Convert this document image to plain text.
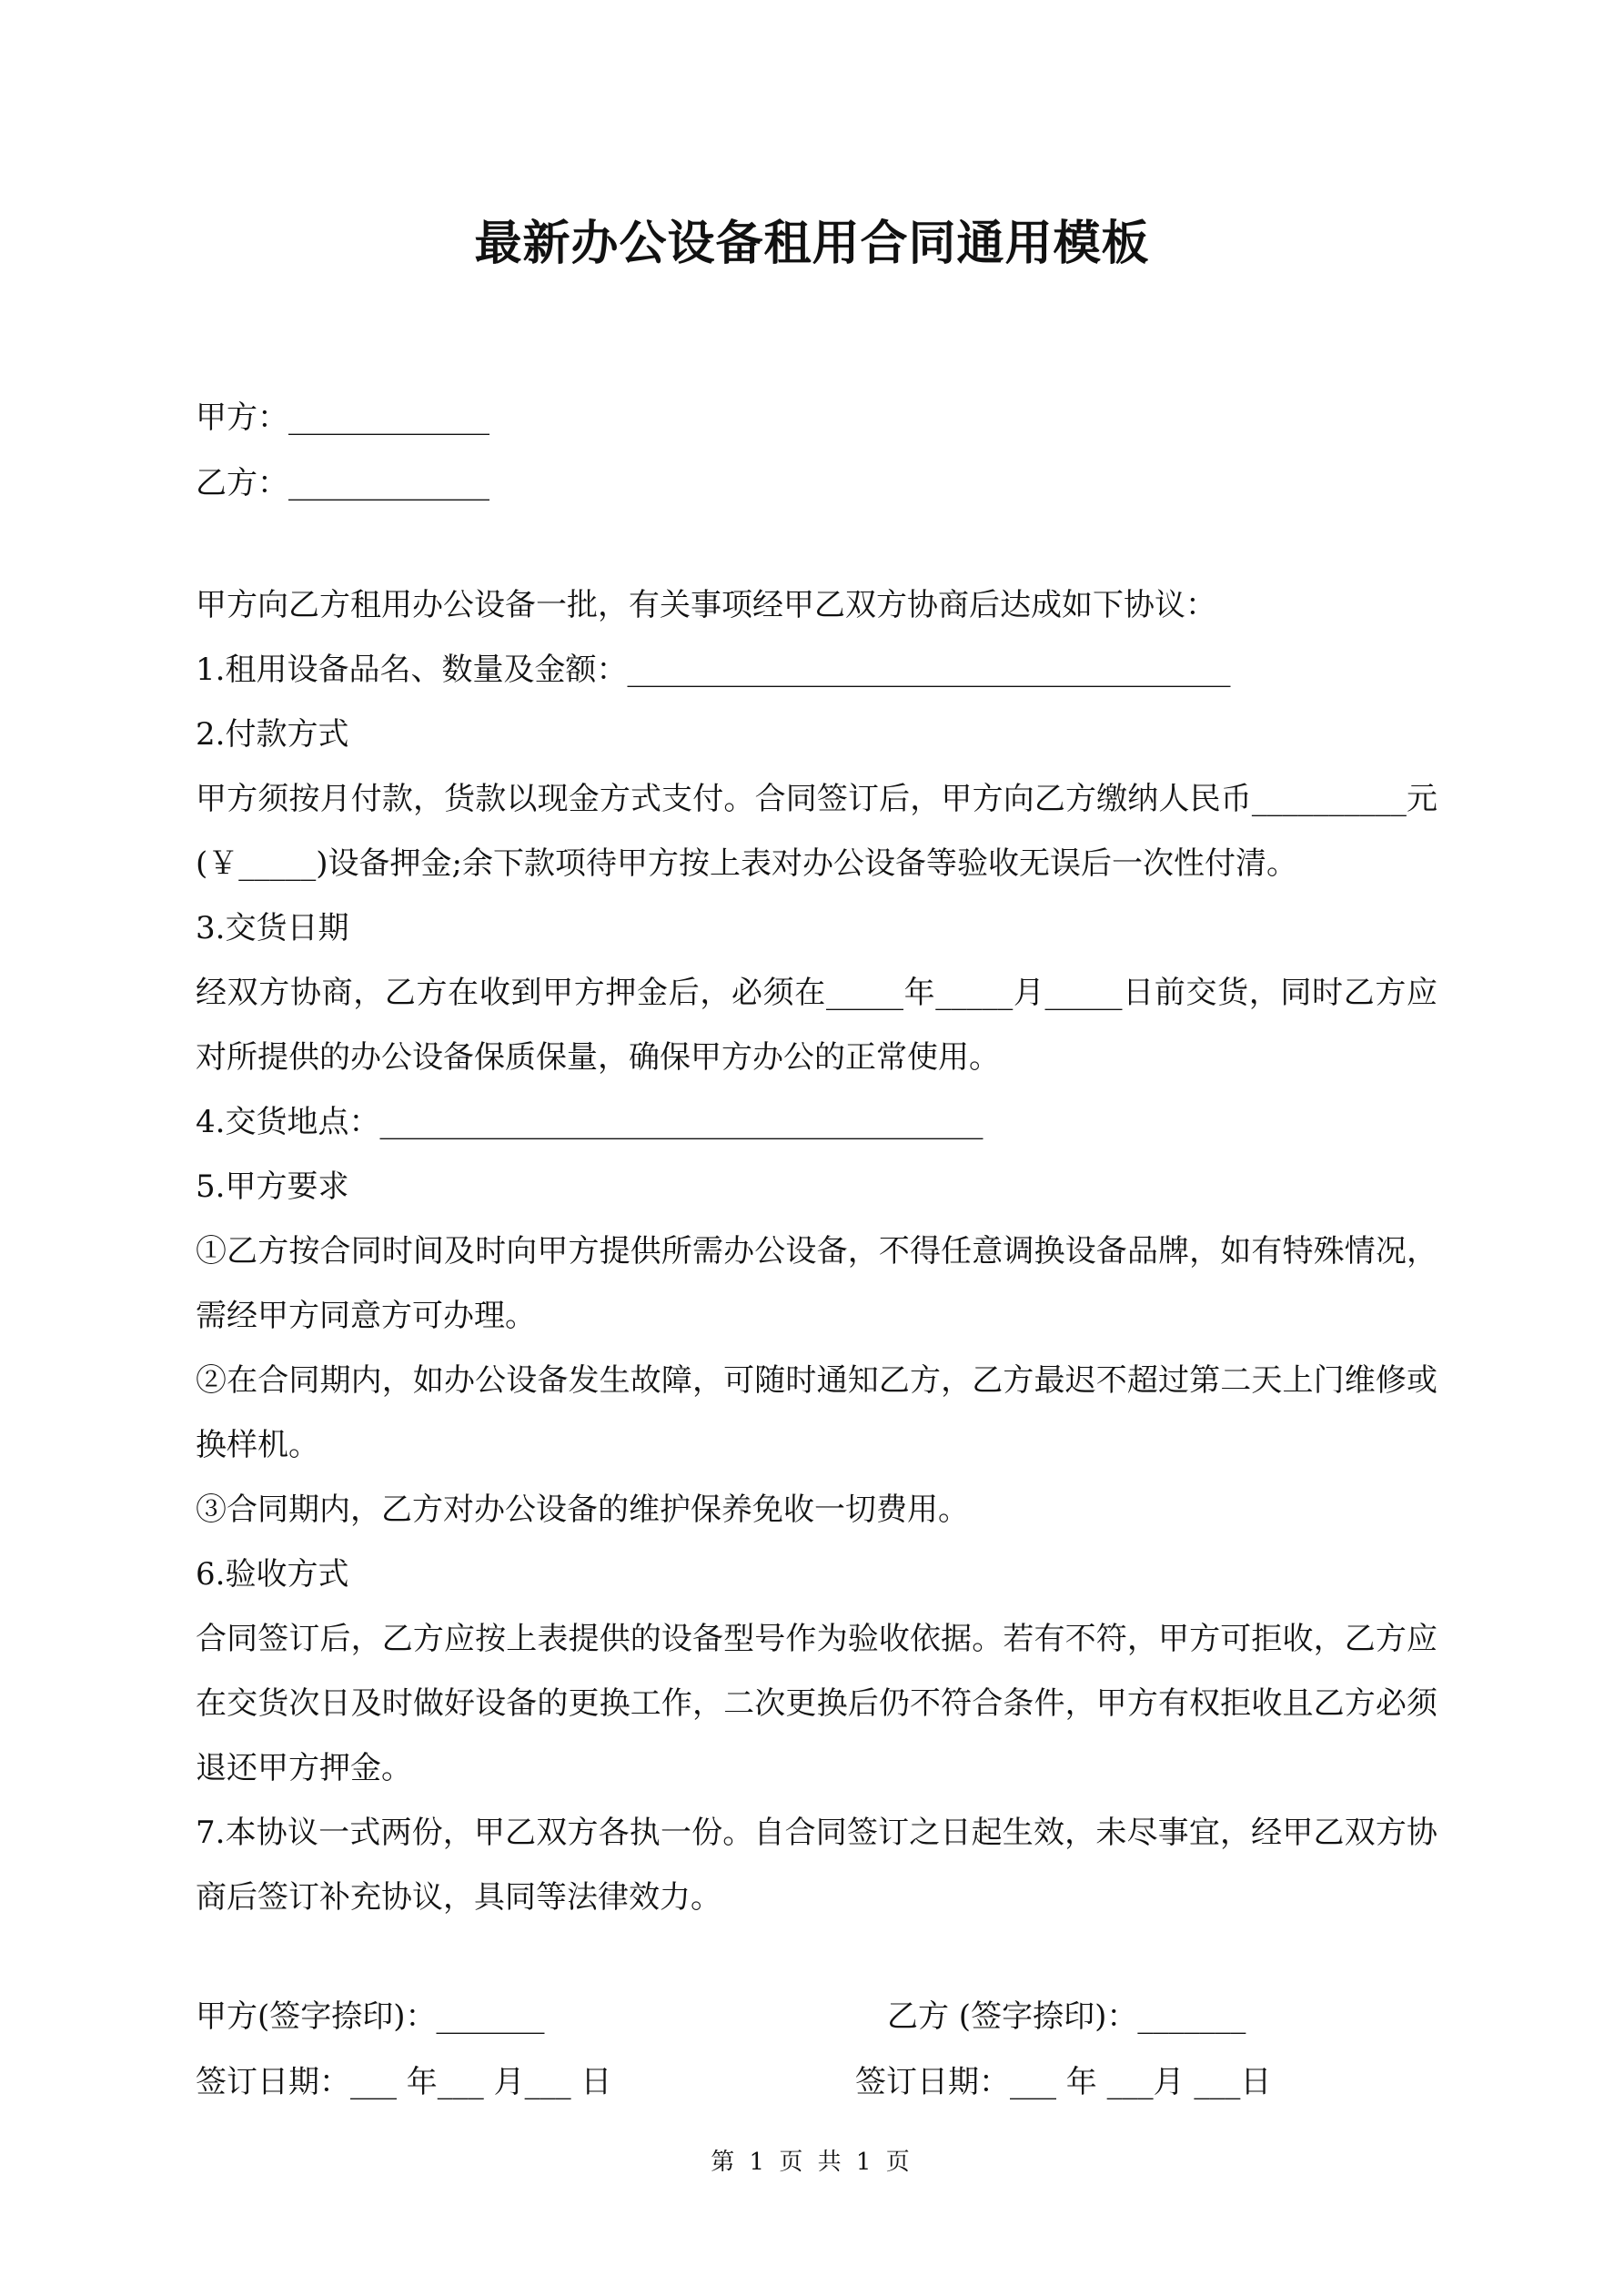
最新办公设备租用合同通用模板
甲方：_____________
乙方：_____________

甲方向乙方租用办公设备一批，有关事项经甲乙双方协商后达成如下协议：

1.租用设备品名、数量及金额：_______________________________________

2.付款方式

甲方须按月付款，货款以现金方式支付。合同签订后，甲方向乙方缴纳人民币__________元(￥_____)设备押金;余下款项待甲方按上表对办公设备等验收无误后一次性付清。

3.交货日期

经双方协商，乙方在收到甲方押金后，必须在_____年_____月_____日前交货，同时乙方应对所提供的办公设备保质保量，确保甲方办公的正常使用。

4.交货地点：_______________________________________

5.甲方要求

①乙方按合同时间及时向甲方提供所需办公设备，不得任意调换设备品牌，如有特殊情况，需经甲方同意方可办理。

②在合同期内，如办公设备发生故障，可随时通知乙方，乙方最迟不超过第二天上门维修或换样机。

③合同期内，乙方对办公设备的维护保养免收一切费用。

6.验收方式

合同签订后，乙方应按上表提供的设备型号作为验收依据。若有不符，甲方可拒收，乙方应在交货次日及时做好设备的更换工作，二次更换后仍不符合条件，甲方有权拒收且乙方必须退还甲方押金。

7.本协议一式两份，甲乙双方各执一份。自合同签订之日起生效，未尽事宜，经甲乙双方协商后签订补充协议，具同等法律效力。

甲方(签字捺印)：_______	乙方 (签字捺印)：_______
签订日期：___ 年___ 月___ 日	签订日期：___ 年 ___月 ___日
第 1 页 共 1 页
